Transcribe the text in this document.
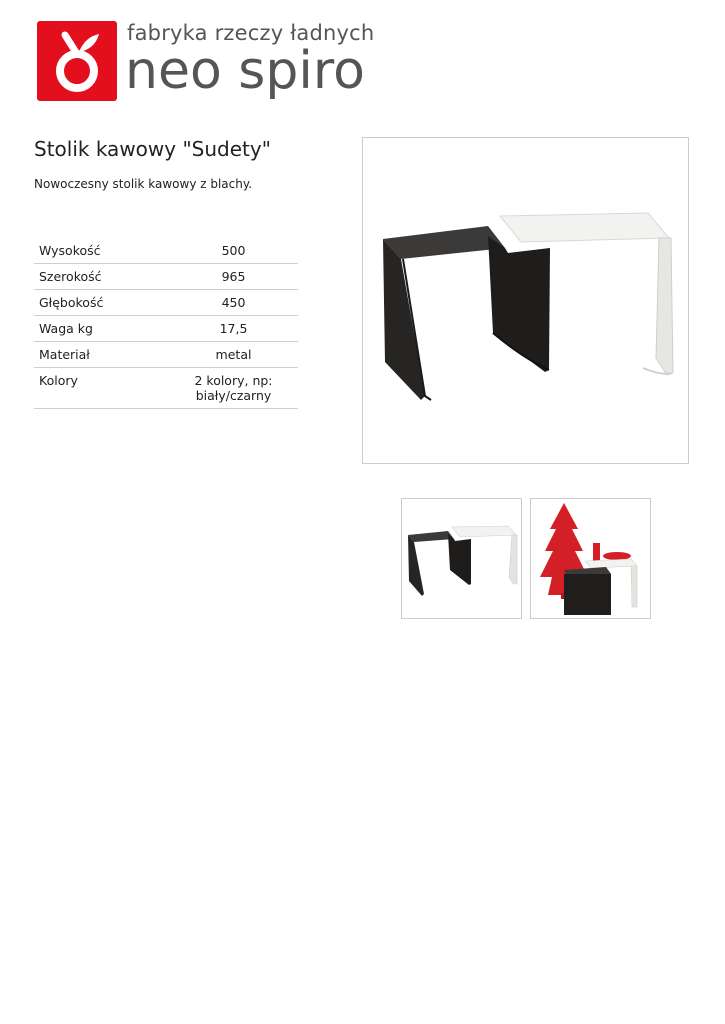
fabryka rzeczy ładnych
neo spiro
Stolik kawowy "Sudety"
Nowoczesny stolik kawowy z blachy.
Wysokość	500
Szerokość	965
Głębokość	450
Waga kg	17,5
Materiał	metal
Kolory	2 kolory, np: biały/czarny
